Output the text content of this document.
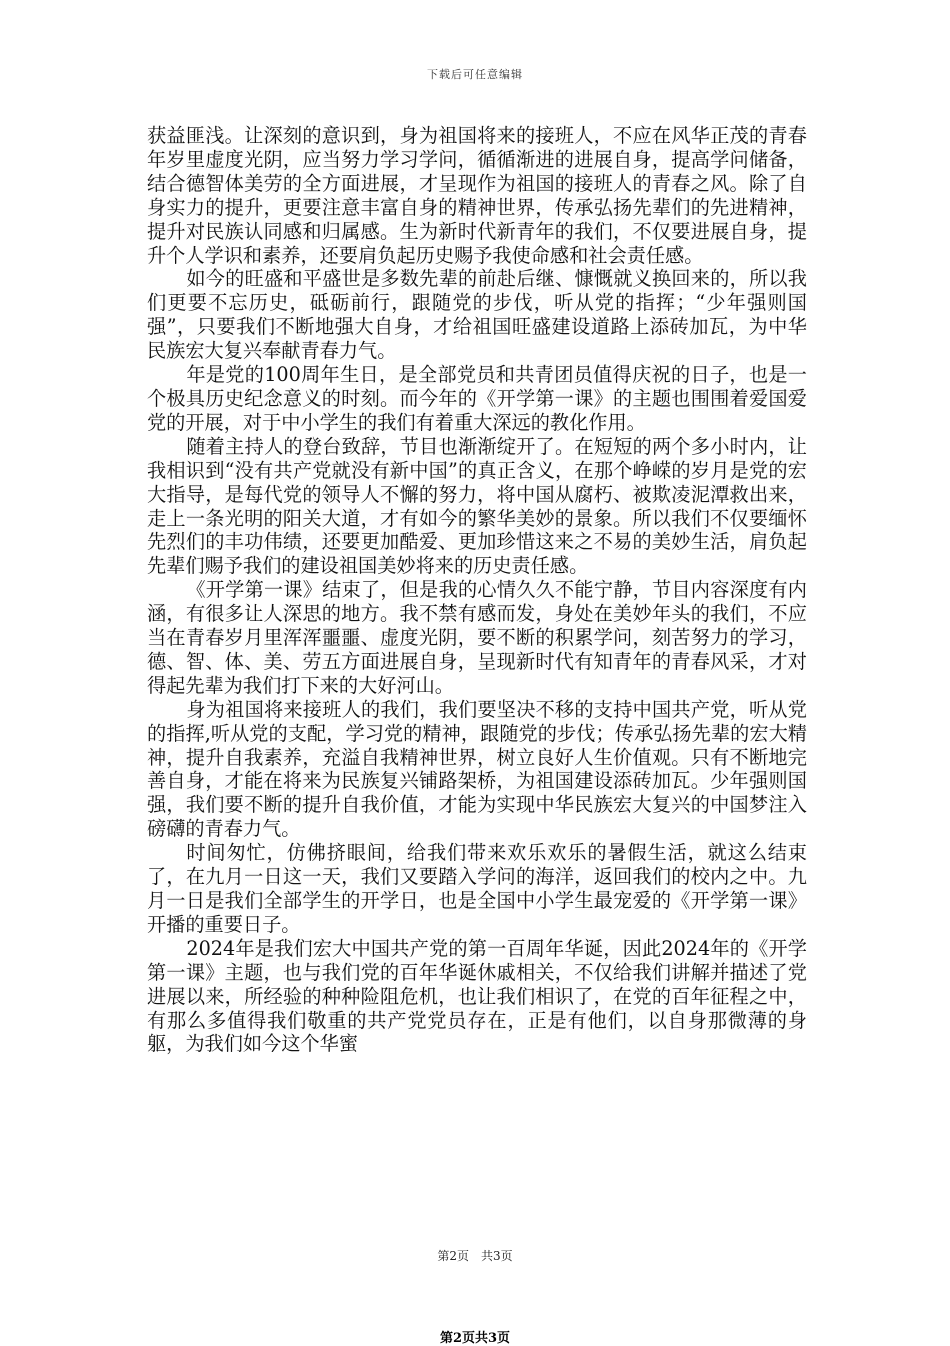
下载后可任意编辑

获益匪浅。让深刻的意识到，身为祖国将来的接班人，不应在风华正茂的青春年岁里虚度光阴，应当努力学习学问，循循渐进的进展自身，提高学问储备，结合德智体美劳的全方面进展，才呈现作为祖国的接班人的青春之风。除了自身实力的提升，更要注意丰富自身的精神世界，传承弘扬先辈们的先进精神，提升对民族认同感和归属感。生为新时代新青年的我们，不仅要进展自身，提升个人学识和素养，还要肩负起历史赐予我使命感和社会责任感。

如今的旺盛和平盛世是多数先辈的前赴后继、慷慨就义换回来的，所以我们更要不忘历史，砥砺前行，跟随党的步伐，听从党的指挥；“少年强则国强”，只要我们不断地强大自身，才给祖国旺盛建设道路上添砖加瓦，为中华民族宏大复兴奉献青春力气。

年是党的100周年生日，是全部党员和共青团员值得庆祝的日子，也是一个极具历史纪念意义的时刻。而今年的《开学第一课》的主题也围围着爱国爱党的开展，对于中小学生的我们有着重大深远的教化作用。

随着主持人的登台致辞，节目也渐渐绽开了。在短短的两个多小时内，让我相识到“没有共产党就没有新中国”的真正含义，在那个峥嵘的岁月是党的宏大指导，是每代党的领导人不懈的努力，将中国从腐朽、被欺凌泥潭救出来，走上一条光明的阳关大道，才有如今的繁华美妙的景象。所以我们不仅要缅怀先烈们的丰功伟绩，还要更加酷爱、更加珍惜这来之不易的美妙生活，肩负起先辈们赐予我们的建设祖国美妙将来的历史责任感。

《开学第一课》结束了，但是我的心情久久不能宁静，节目内容深度有内涵，有很多让人深思的地方。我不禁有感而发，身处在美妙年头的我们，不应当在青春岁月里浑浑噩噩、虚度光阴，要不断的积累学问，刻苦努力的学习，德、智、体、美、劳五方面进展自身，呈现新时代有知青年的青春风采，才对得起先辈为我们打下来的大好河山。

身为祖国将来接班人的我们，我们要坚决不移的支持中国共产党，听从党的指挥,听从党的支配，学习党的精神，跟随党的步伐；传承弘扬先辈的宏大精神，提升自我素养，充溢自我精神世界，树立良好人生价值观。只有不断地完善自身，才能在将来为民族复兴铺路架桥，为祖国建设添砖加瓦。少年强则国强，我们要不断的提升自我价值，才能为实现中华民族宏大复兴的中国梦注入磅礴的青春力气。

时间匆忙，仿佛挤眼间，给我们带来欢乐欢乐的暑假生活，就这么结束了，在九月一日这一天，我们又要踏入学问的海洋，返回我们的校内之中。九月一日是我们全部学生的开学日，也是全国中小学生最宠爱的《开学第一课》开播的重要日子。

2024年是我们宏大中国共产党的第一百周年华诞，因此2024年的《开学第一课》主题，也与我们党的百年华诞休戚相关，不仅给我们讲解并描述了党进展以来，所经验的种种险阻危机，也让我们相识了，在党的百年征程之中，有那么多值得我们敬重的共产党党员存在，正是有他们，以自身那微薄的身躯，为我们如今这个华蜜

第2页　共3页
第2页共3页
